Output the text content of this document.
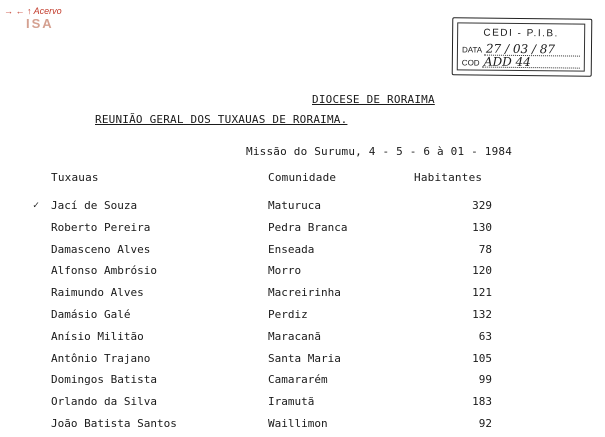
→ ← ↑ Acervo
ISA
CEDI - P.I.B.
DATA 27 / 03 / 87
COD ADD 44
DIOCESE DE RORAIMA
REUNIÃO GERAL DOS TUXAUAS DE RORAIMA.
Missão do Surumu, 4 - 5 - 6 à 01 - 1984
Tuxauas	Comunidade	Habitantes
✓ Jací de Souza	Maturuca	329
Roberto Pereira	Pedra Branca	130
Damasceno Alves	Enseada	78
Alfonso Ambrósio	Morro	120
Raimundo Alves	Macreirinha	121
Damásio Galé	Perdiz	132
Anísio Militão	Maracanã	63
Antônio Trajano	Santa Maria	105
Domingos Batista	Camararém	99
Orlando da Silva	Iramutã	183
João Batista Santos	Waillimon	92
